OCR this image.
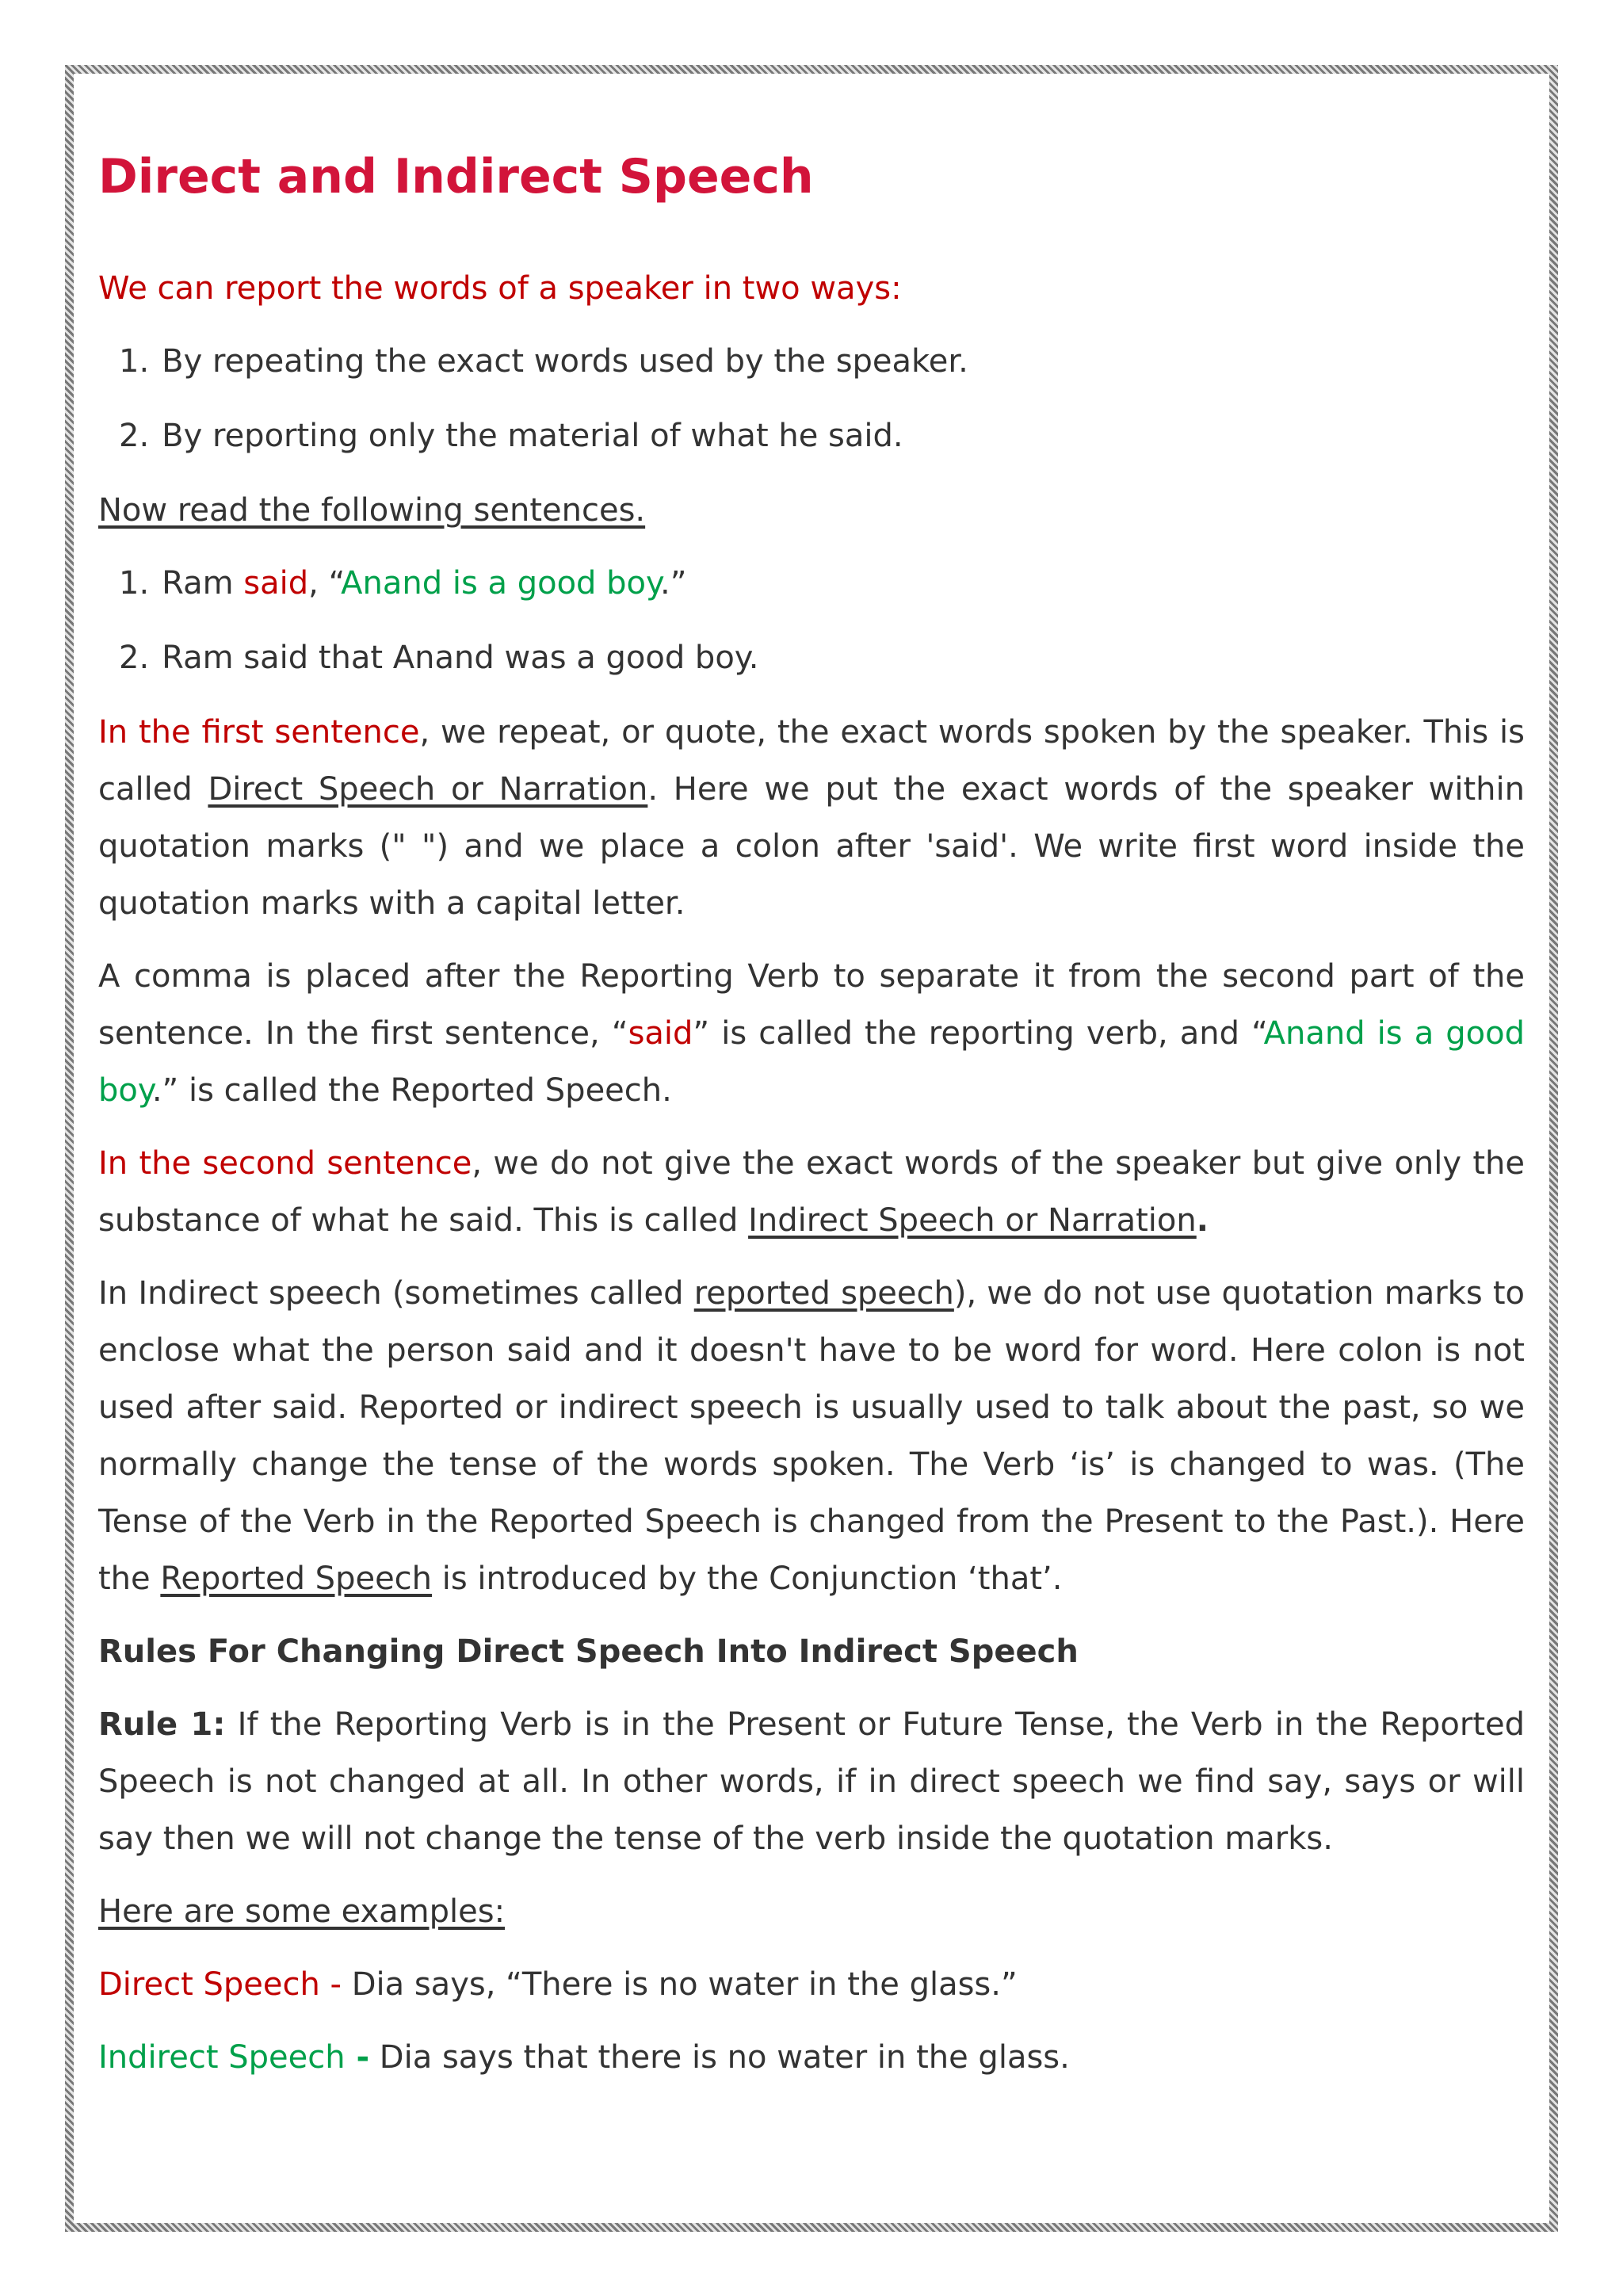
Direct and Indirect Speech

We can report the words of a speaker in two ways:

1. By repeating the exact words used by the speaker.
2. By reporting only the material of what he said.

Now read the following sentences.

1. Ram said, “Anand is a good boy.”
2. Ram said that Anand was a good boy.

In the first sentence, we repeat, or quote, the exact words spoken by the speaker. This is called Direct Speech or Narration. Here we put the exact words of the speaker within quotation marks (" ") and we place a colon after 'said'. We write first word inside the quotation marks with a capital letter.

A comma is placed after the Reporting Verb to separate it from the second part of the sentence. In the first sentence, “said” is called the reporting verb, and “Anand is a good boy.” is called the Reported Speech.

In the second sentence, we do not give the exact words of the speaker but give only the substance of what he said. This is called Indirect Speech or Narration.

In Indirect speech (sometimes called reported speech), we do not use quotation marks to enclose what the person said and it doesn't have to be word for word. Here colon is not used after said. Reported or indirect speech is usually used to talk about the past, so we normally change the tense of the words spoken. The Verb ‘is’ is changed to was. (The Tense of the Verb in the Reported Speech is changed from the Present to the Past.). Here the Reported Speech is introduced by the Conjunction ‘that’.

Rules For Changing Direct Speech Into Indirect Speech

Rule 1: If the Reporting Verb is in the Present or Future Tense, the Verb in the Reported Speech is not changed at all. In other words, if in direct speech we find say, says or will say then we will not change the tense of the verb inside the quotation marks.

Here are some examples:

Direct Speech - Dia says, “There is no water in the glass.”

Indirect Speech - Dia says that there is no water in the glass.
